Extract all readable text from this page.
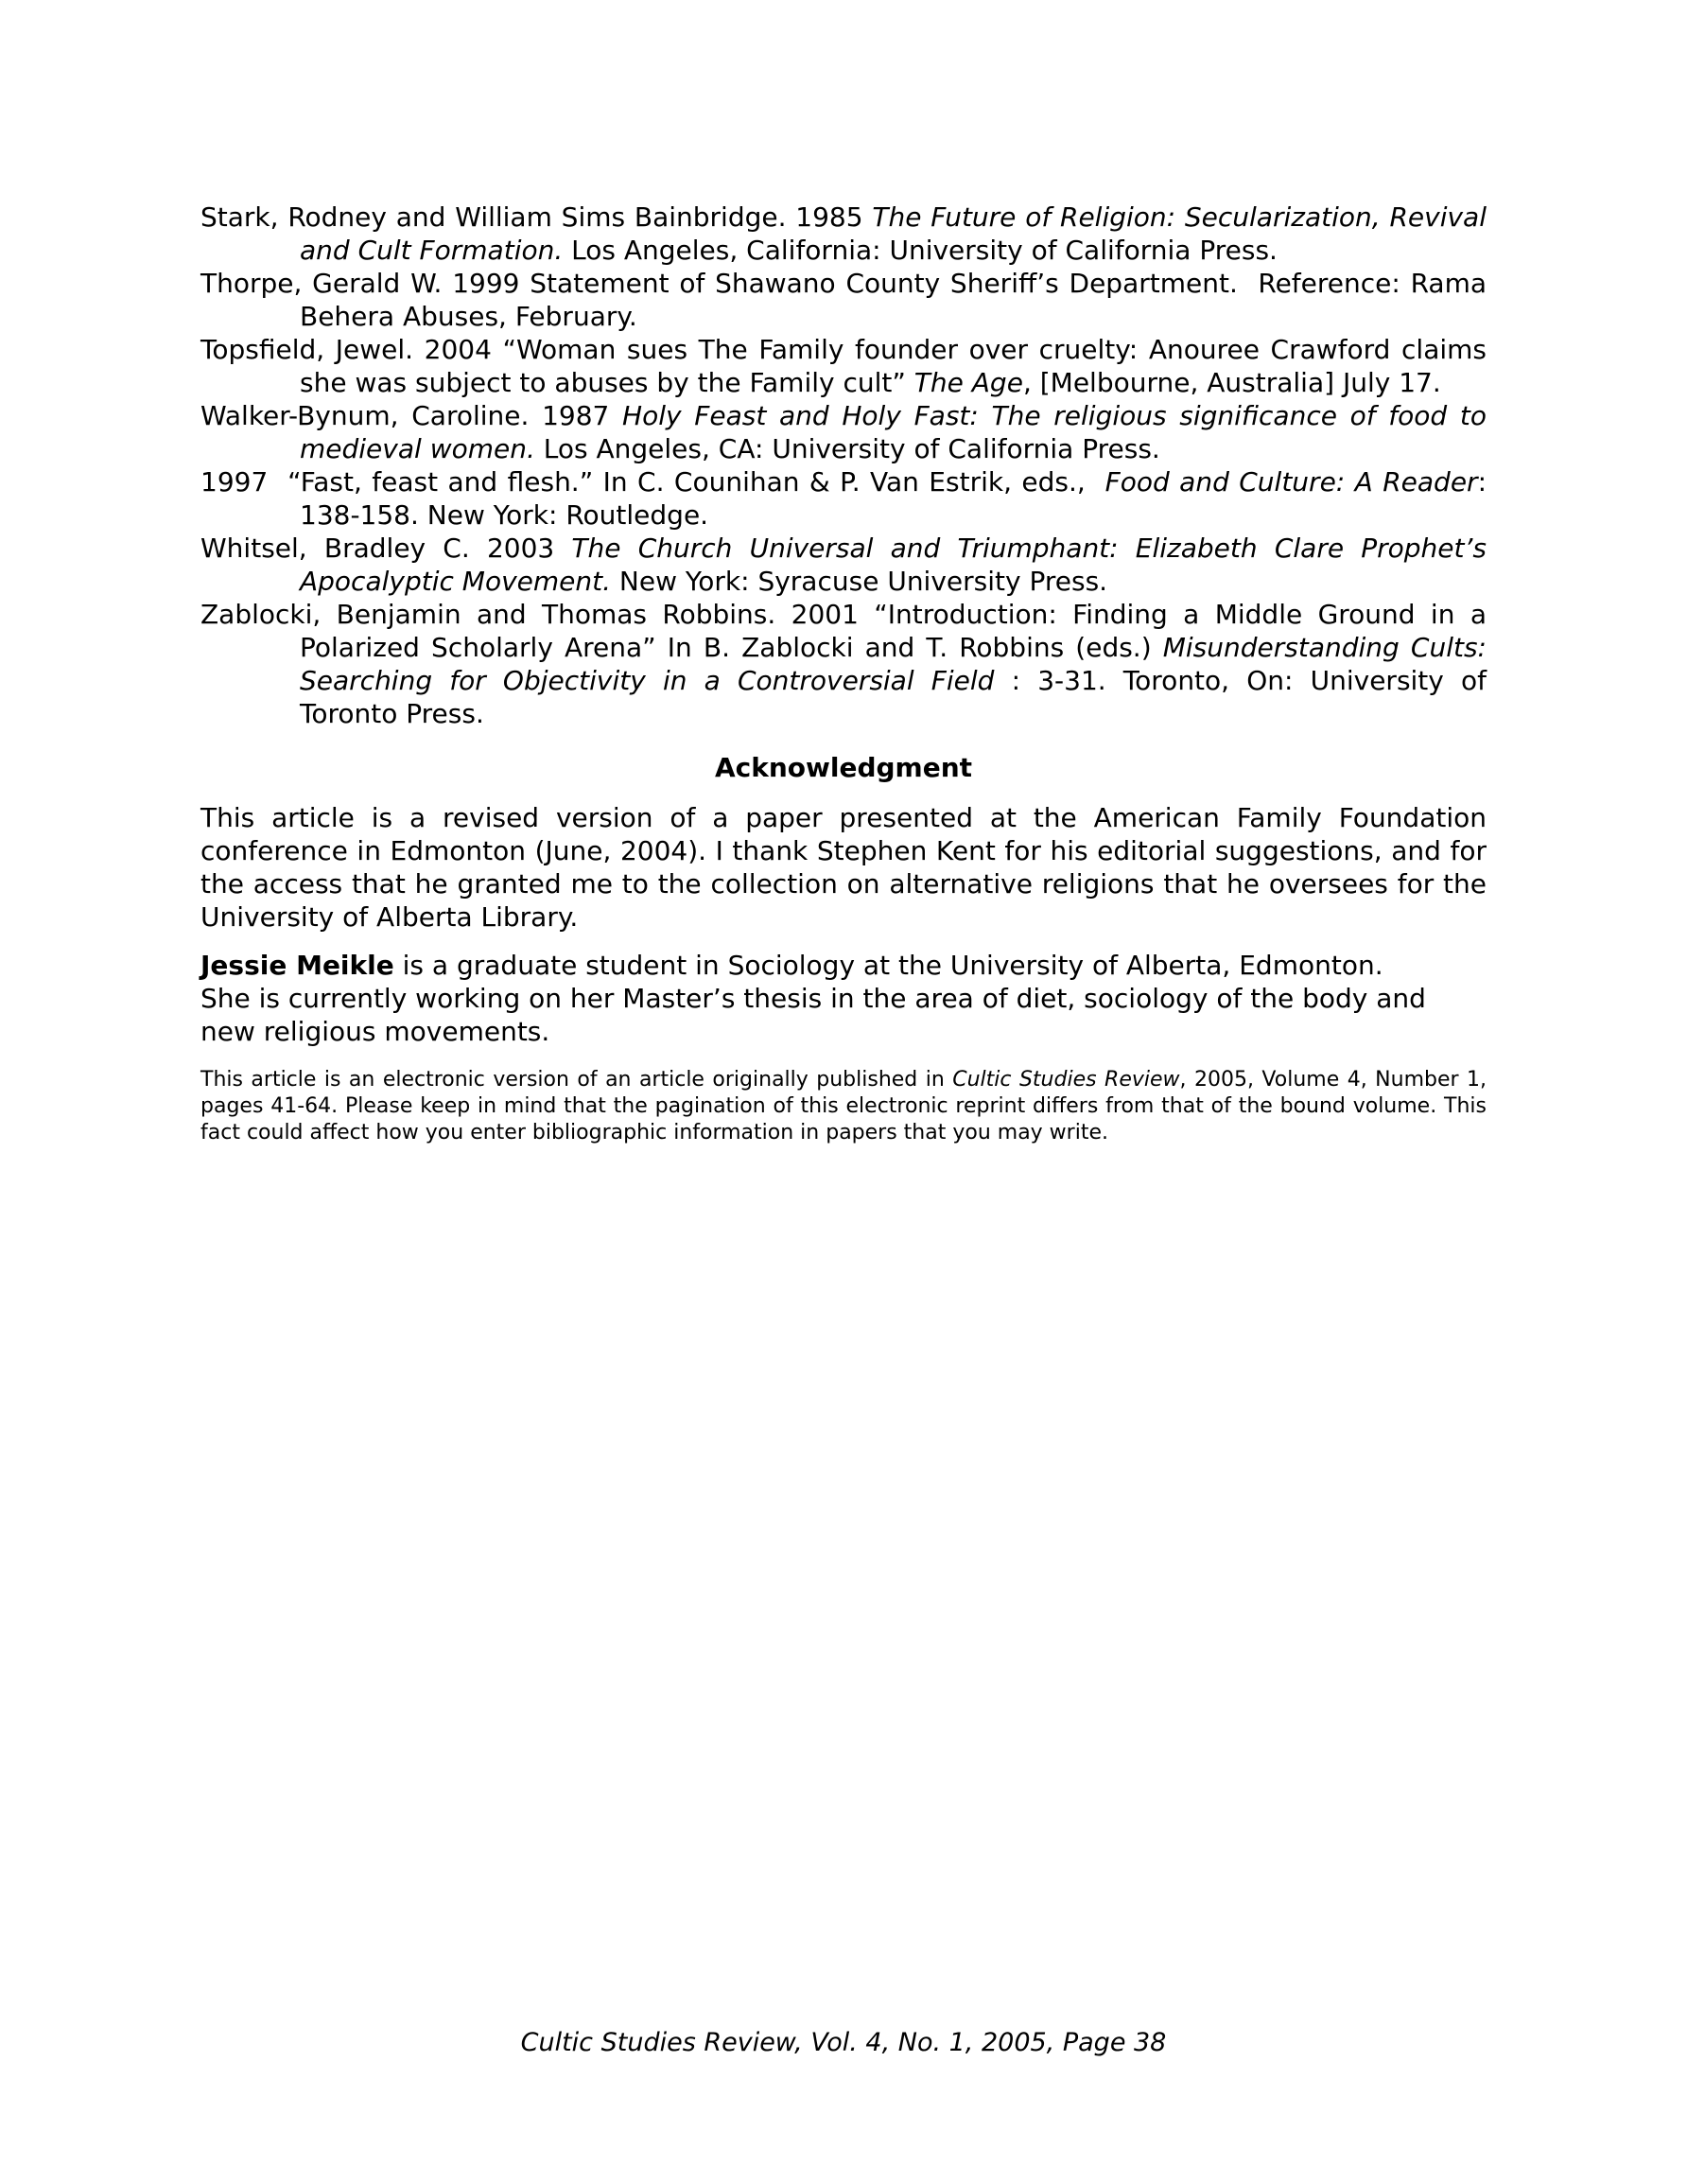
Stark, Rodney and William Sims Bainbridge. 1985 The Future of Religion: Secularization, Revival and Cult Formation. Los Angeles, California: University of California Press.

Thorpe, Gerald W. 1999 Statement of Shawano County Sheriff’s Department.  Reference: Rama Behera Abuses, February.

Topsfield, Jewel. 2004 “Woman sues The Family founder over cruelty: Anouree Crawford claims she was subject to abuses by the Family cult” The Age, [Melbourne, Australia] July 17.

Walker-Bynum, Caroline. 1987 Holy Feast and Holy Fast: The religious significance of food to medieval women. Los Angeles, CA: University of California Press.

1997  “Fast, feast and flesh.” In C. Counihan & P. Van Estrik, eds.,  Food and Culture: A Reader: 138-158. New York: Routledge.

Whitsel, Bradley C. 2003 The Church Universal and Triumphant: Elizabeth Clare Prophet’s Apocalyptic Movement. New York: Syracuse University Press.

Zablocki, Benjamin and Thomas Robbins. 2001 “Introduction: Finding a Middle Ground in a Polarized Scholarly Arena” In B. Zablocki and T. Robbins (eds.) Misunderstanding Cults: Searching for Objectivity in a Controversial Field : 3-31. Toronto, On: University of Toronto Press.

Acknowledgment

This article is a revised version of a paper presented at the American Family Foundation conference in Edmonton (June, 2004). I thank Stephen Kent for his editorial suggestions, and for the access that he granted me to the collection on alternative religions that he oversees for the University of Alberta Library.

Jessie Meikle is a graduate student in Sociology at the University of Alberta, Edmonton.

She is currently working on her Master’s thesis in the area of diet, sociology of the body and new religious movements.

This article is an electronic version of an article originally published in Cultic Studies Review, 2005, Volume 4, Number 1, pages 41-64. Please keep in mind that the pagination of this electronic reprint differs from that of the bound volume. This fact could affect how you enter bibliographic information in papers that you may write.

Cultic Studies Review, Vol. 4, No. 1, 2005, Page 38
